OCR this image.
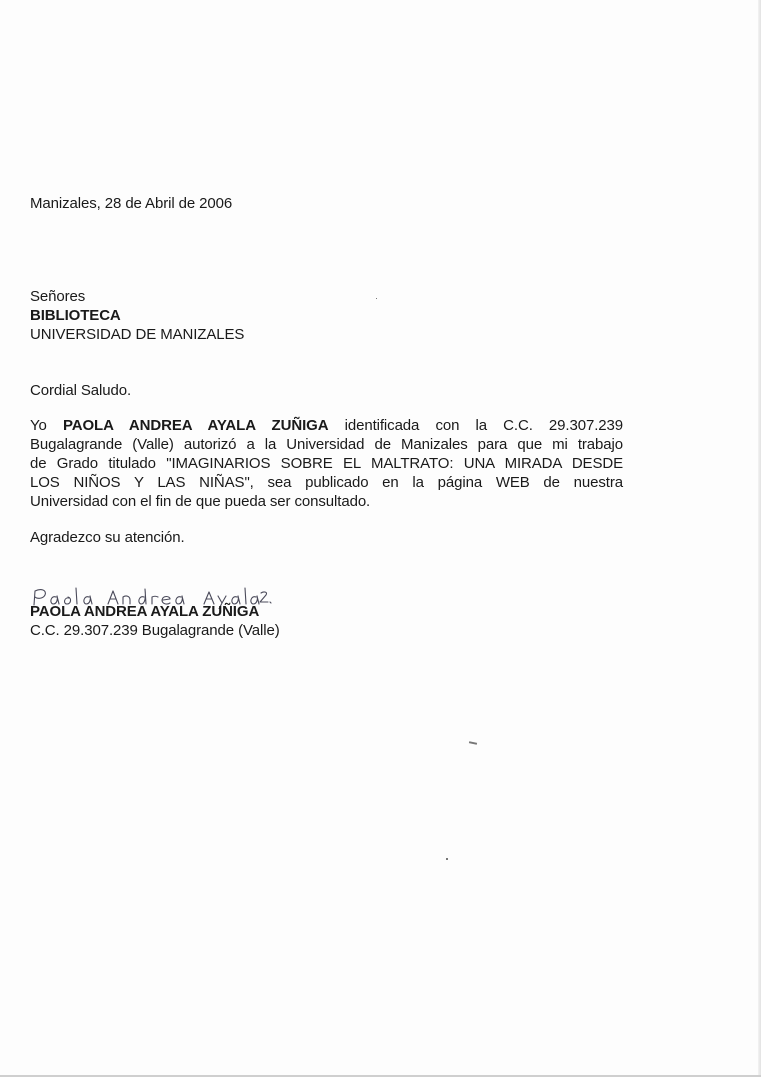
Manizales, 28 de Abril de 2006
Señores
BIBLIOTECA
UNIVERSIDAD DE MANIZALES
Cordial Saludo.
Yo PAOLA ANDREA AYALA ZUÑIGA identificada con la C.C. 29.307.239
Bugalagrande (Valle) autorizó a la Universidad de Manizales para que mi trabajo
de Grado titulado "IMAGINARIOS SOBRE EL MALTRATO: UNA MIRADA DESDE
LOS NIÑOS Y LAS NIÑAS", sea publicado en la página WEB de nuestra
Universidad con el fin de que pueda ser consultado.
Agradezco su atención.
PAOLA ANDREA AYALA ZUÑIGA
C.C. 29.307.239 Bugalagrande (Valle)
